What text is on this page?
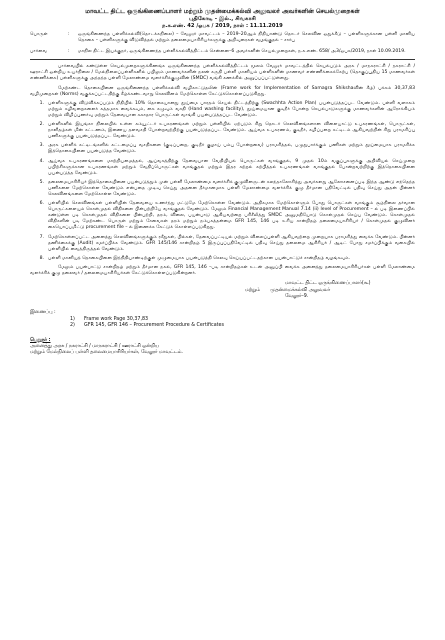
மாவட்ட திட்ட ஒருங்கிணைப்பாளர் மற்றும் முதன்மைக்கல்வி அலுவலர் அவர்களின் செயல்முறைகள்
புதிகோடி - இல்., சிவகாசி
ந.க.எண். 42 /ஒபக / 2019, நாள் : 11.11.2019
பொருள்	:	ஒருங்கிணைந்த பள்ளிக்கல்வி(தொடக்கநிலை) – வேலூர் மாவட்டம் – 2019–20ஆம் நிதியாண்டு தொடர் செலவின ஒதுக்கீடு – பள்ளிகளுக்கான பள்ளி மானிய தொகை – பள்ளிகளுக்கு விடுவித்தல் மற்றும் தலைமையாசிரியர்களுக்கு அறிவுரைகள் வழங்குதல் – சார்பு
பார்வை	:	மாநில திட்ட இயக்குநர், ஒருங்கிணைந்த பள்ளிக்கல்வித்திட்டம் சென்னை–6 அவர்களின் செயல்முறைகள், ந.க.எண். 658/ அ3/ஒபக/2019, நாள் 10.09.2019.

பார்வையில் கண்டுள்ள செயல்முறைகளுக்கிணங்க ஒருங்கிணைந்த பள்ளிக்கல்வித்திட்டம் மூலம் வேலூர் மாவட்டத்தில் செயல்படும் அரசு / மாநகராட்சி / நகராட்சி / ஊராட்சி ஒன்றிய உயர்நிலை / மேல்நிலைப்பள்ளிகளில் பயிலும் மாணவர்களின் நலன் கருதி பள்ளி மானியம் பள்ளிகளின் மாணவர் எண்ணிக்கைக்கேற்ப (தொகுப்பூதிய 15 மாணவர்கள் எண்ணிக்கை) பள்ளிகளுக்கு அந்தந்த பள்ளி மேலாண்மை வளர்ச்சிக்குழுவின் (SMDC) வங்கி கணக்கில் அனுப்பப்பட்டுள்ளது.

மேற்கண்ட தொகையினை ஒருங்கிணைந்த பள்ளிக்கல்வி வழிகாட்டுதலின் (Frame work for Implementation of Samagra Shikshaவின் கீழ்) பக்கம் 30,37,83 வழிமுறைகள் (Norms) வகுக்கப்பட்டதிற்கு கீழ்க்கண்டவாறு செலவினம் மேற்கொள்ள கேட்டுக்கொள்ளப்படுகிறது.

1. பள்ளிகளுக்கு விடுவிக்கப்படும் நிதியில் 10% தொகையானது தூய்மை பாரதம் செயல் திட்டத்திற்கு (Swachhta Action Plan) பயன்படுத்தப்பட வேண்டும். பள்ளி வளாகம் மற்றும் கழிவறைகளைச் சுத்தமாக வைக்கவும், கை கழுவும் வசதி (Hand washing facility), தூய்மையான குடிநீர் போன்ற செயல்பாடுகளுக்கு மாணவர்களின் ஆரோக்கியம் மற்றும் விழிப்புணர்வு மற்றும் தேவையான சுகாதார பொருட்கள் வாங்கி பயன்படுத்தப்பட வேண்டும்.
2. பள்ளிகளில் இயங்கா நிலையில் உள்ள கம்யூட்டர் உபகரணங்கள் மற்றும் பள்ளியில் ஏற்படும் சிறு தொடர் செலவினங்களான விளையாட்டு உபகரணங்கள், பொருட்கள், நாளிதழ்கள் மின் கட்டணம், இணைய தளவசதி போன்றவற்றிற்கு பயன்படுத்தப்பட வேண்டும். ஆய்வக உபகரணம், குடிநீர், கழிப்பறை கட்டிடம் ஆகியவற்றின் சிறு பராமரிப்பு பணிகளுக்கு பயன்படுத்தப்பட வேண்டும்.
3. அரசு பள்ளிக் கட்டிடங்களில் கட்டமைப்பு வசதிகளை (குடிப்பறை, குடிநீர் குழாய் பம்பு போன்றவை) பராமரித்தல், பழுதுபார்க்கும் பணிகள் மற்றும் தூய்மையாக பராமரிக்க இத்தொகையினை பயன்படுத்த வேண்டும்.
4. ஆய்வக உபகரணங்களை மாற்றியமைத்தல், ஆய்வகத்திற்கு தேவையான வேதியியல் பொருட்கள் வாங்குதல், 9 முதல் 10ம் வகுப்புகளுக்கு அறிவியல் செய்முறை பயிற்சிகளுக்கான உபகரணங்கள் மற்றும் வேதிப்பொருட்கள் வாங்குதல் மற்றும் இதர கற்றல் கற்பித்தல் உபகரணங்கள் வாங்குதல் போன்றவற்றிற்கு இத்தொகையினை பயன்படுத்த வேண்டும்.
5. தலைமையாசிரியர் இத்தொகையினை பயன்படுத்தும் முன் பள்ளி மேலாண்மை வளர்ச்சிக் குழுவினருடன் கலந்தாலோசித்து அவர்களது ஆலோசனைப்படி இந்த ஆண்டு எந்தெந்த பணிகளை மேற்கொள்ள வேண்டும் என்பதை முடிவு செய்து அதனை தீர்மானமாக பள்ளி மேலாண்மை வளர்ச்சிக் குழு தீர்மான பதிவேட்டில் பதிவு செய்து அதன் பின்னர் செலவினங்களை மேற்கொள்ள வேண்டும்.
6. பள்ளியில் செலவினங்கள் பள்ளியின் தேவையை உணர்ந்து மட்டுமே மேற்கொள்ள வேண்டும். அதிகமாக மேற்கொள்ளும் போது பொருட்கள் வாங்கும் சூழ்நிலை தர்வான பொருட்களையும் கொள்முதல் விதிகளை பின்பற்றியே வாங்குதல் வேண்டும். மேலும் Financial Management Manual 7.14 (ii) level of Procurement – ல் படி இணைப்பில் கண்டுள்ள படி கொள்முதல் விதிகளை பின்பற்றி, தரம், விலை, பயன்பாடு ஆகியவற்றை பரிசீலித்து SMDC அனுமதியோடு கொள்முதல் செய்ய வேண்டும். கொள்முதல் விதிகளின் படி மேற்கண்ட பொருள் மற்றும் சேவைகள் தரம் மற்றும் நம்பகத்தன்மை GFR 145, 146 படி உரிய சான்றிதழ் தலைமையாசிரியர் / கொள்முதல் குழுவினர் கையொப்பமிட்டு procurement file – ல் இணைக்க கேட்டுக் கொள்ளப்படுகிறது.
7. மேற்கொள்ளப்பட்ட அனைத்து செலவினங்களுக்கும் ரசீதுகள், பில்கள், தேவைப்பட்டியல் மற்றும் விலைப்புள்ளி ஆகியவற்றை முறையாக பராமரித்து வைக்க வேண்டும். பின்னர் தணிக்கைக்கு (Audit) சமர்ப்பிக்க வேண்டும். GFR 145/146 சான்றிதழ் 5 இருப்புப்பதிவேட்டில் பதிவு செய்து தலைமை ஆசிரியர் / ஆடிட் போது சமர்ப்பிக்கும் வகையில் பள்ளியில் வைத்திருத்தல் வேண்டும்.
8. பள்ளி மானியத் தொகையினை இந்நிதியாண்டிற்குள் முழுமையாக பயன்படுத்தி செலவு செய்யப்பட்டதற்கான பயன்பாட்டுச் சான்றிதழ் வழங்கவும்.

மேலும் பயன்பாட்டு சான்றிதழ் மற்றும் தீர்மான நகல், GFR 145, 146 –படி சான்றிதழ்கள் உடன் அனுப்பி வைக்க அனைத்து தலைமையாசிரியர்கள் பள்ளி மேலாண்மை வளர்ச்சிக் குழு தலைவர் / தலைமையாசிரியர்கள் கேட்டுக்கொள்ளப்படுகின்றனர்.

மாவட்ட திட்ட ஒருங்கிணைப்பாளர்(கூ)
மற்றும் முதன்மைக்கல்வி அலுவலர்
வேலூர்–9.
இணைப்பு :
1)	Frame work Page 30,37,83
2)	GFR 145, GFR 146 – Procurement Procedure & Certificates
பெறுநர் :
அனைத்து அரசு / நகராட்சி / மாநகராட்சி / ஊராட்சி ஒன்றிய
மற்றும் மேல்நிலைப் பள்ளி தலைமையாசிரியர்கள், வேலூர் மாவட்டம்.
